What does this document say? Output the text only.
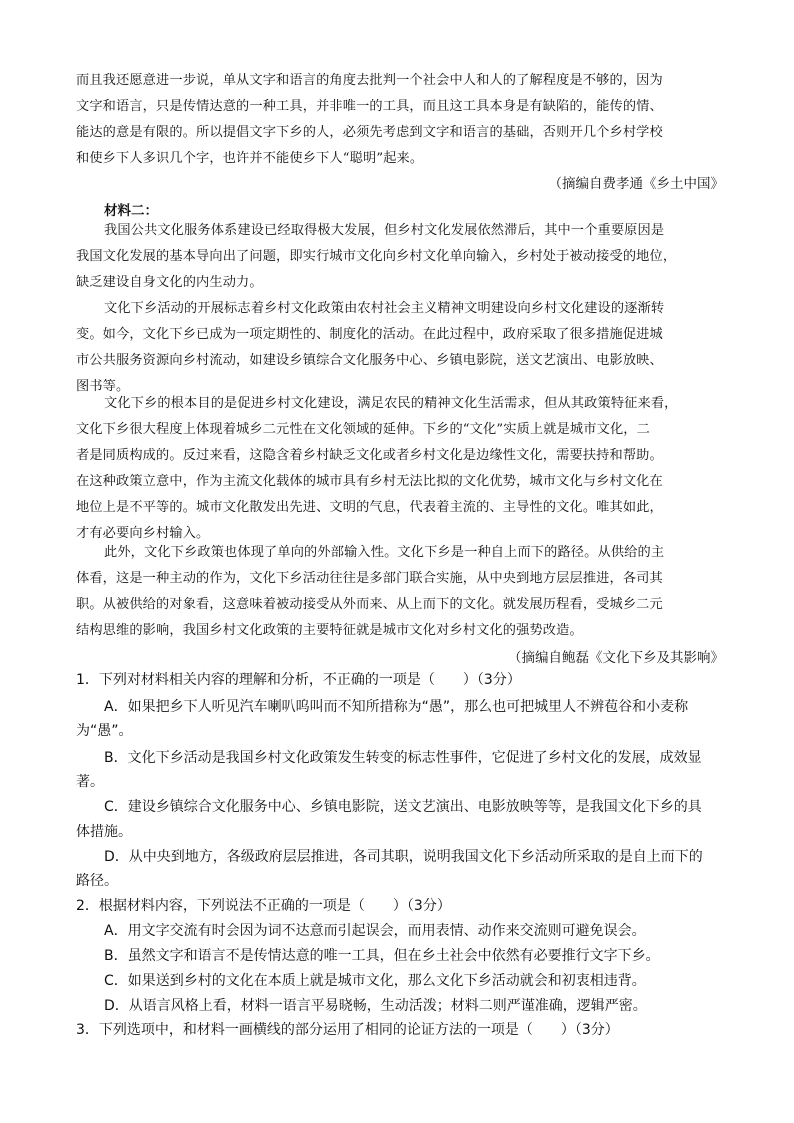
而且我还愿意进一步说，单从文字和语言的角度去批判一个社会中人和人的了解程度是不够的，因为
文字和语言，只是传情达意的一种工具，并非唯一的工具，而且这工具本身是有缺陷的，能传的情、
能达的意是有限的。所以提倡文字下乡的人，必须先考虑到文字和语言的基础，否则开几个乡村学校
和使乡下人多识几个字，也许并不能使乡下人“聪明”起来。

（摘编自费孝通《乡土中国》

材料二：

我国公共文化服务体系建设已经取得极大发展，但乡村文化发展依然滞后，其中一个重要原因是
我国文化发展的基本导向出了问题，即实行城市文化向乡村文化单向输入，乡村处于被动接受的地位，
缺乏建设自身文化的内生动力。
文化下乡活动的开展标志着乡村文化政策由农村社会主义精神文明建设向乡村文化建设的逐渐转
变。如今，文化下乡已成为一项定期性的、制度化的活动。在此过程中，政府采取了很多措施促进城
市公共服务资源向乡村流动，如建设乡镇综合文化服务中心、乡镇电影院，送文艺演出、电影放映、
图书等。
文化下乡的根本目的是促进乡村文化建设，满足农民的精神文化生活需求，但从其政策特征来看，
文化下乡很大程度上体现着城乡二元性在文化领域的延伸。下乡的“文化”实质上就是城市文化，二
者是同质构成的。反过来看，这隐含着乡村缺乏文化或者乡村文化是边缘性文化，需要扶持和帮助。
在这种政策立意中，作为主流文化载体的城市具有乡村无法比拟的文化优势，城市文化与乡村文化在
地位上是不平等的。城市文化散发出先进、文明的气息，代表着主流的、主导性的文化。唯其如此，
才有必要向乡村输入。
此外，文化下乡政策也体现了单向的外部输入性。文化下乡是一种自上而下的路径。从供给的主
体看，这是一种主动的作为，文化下乡活动往往是多部门联合实施，从中央到地方层层推进，各司其
职。从被供给的对象看，这意味着被动接受从外而来、从上而下的文化。就发展历程看，受城乡二元
结构思维的影响，我国乡村文化政策的主要特征就是城市文化对乡村文化的强势改造。

（摘编自鲍磊《文化下乡及其影响》

1．下列对材料相关内容的理解和分析，不正确的一项是（　　）（3分）

A．如果把乡下人听见汽车喇叭呜叫而不知所措称为“愚”，那么也可把城里人不辨苞谷和小麦称

为“愚”。

B．文化下乡活动是我国乡村文化政策发生转变的标志性事件，它促进了乡村文化的发展，成效显

著。

C．建设乡镇综合文化服务中心、乡镇电影院，送文艺演出、电影放映等等，是我国文化下乡的具

体措施。

D．从中央到地方，各级政府层层推进，各司其职，说明我国文化下乡活动所采取的是自上而下的

路径。

2．根据材料内容，下列说法不正确的一项是（　　）（3分）

A．用文字交流有时会因为词不达意而引起误会，而用表情、动作来交流则可避免误会。

B．虽然文字和语言不是传情达意的唯一工具，但在乡土社会中依然有必要推行文字下乡。

C．如果送到乡村的文化在本质上就是城市文化，那么文化下乡活动就会和初衷相违背。

D．从语言风格上看，材料一语言平易晓畅，生动活泼；材料二则严谨准确，逻辑严密。

3．下列选项中，和材料一画横线的部分运用了相同的论证方法的一项是（　　）（3分）
